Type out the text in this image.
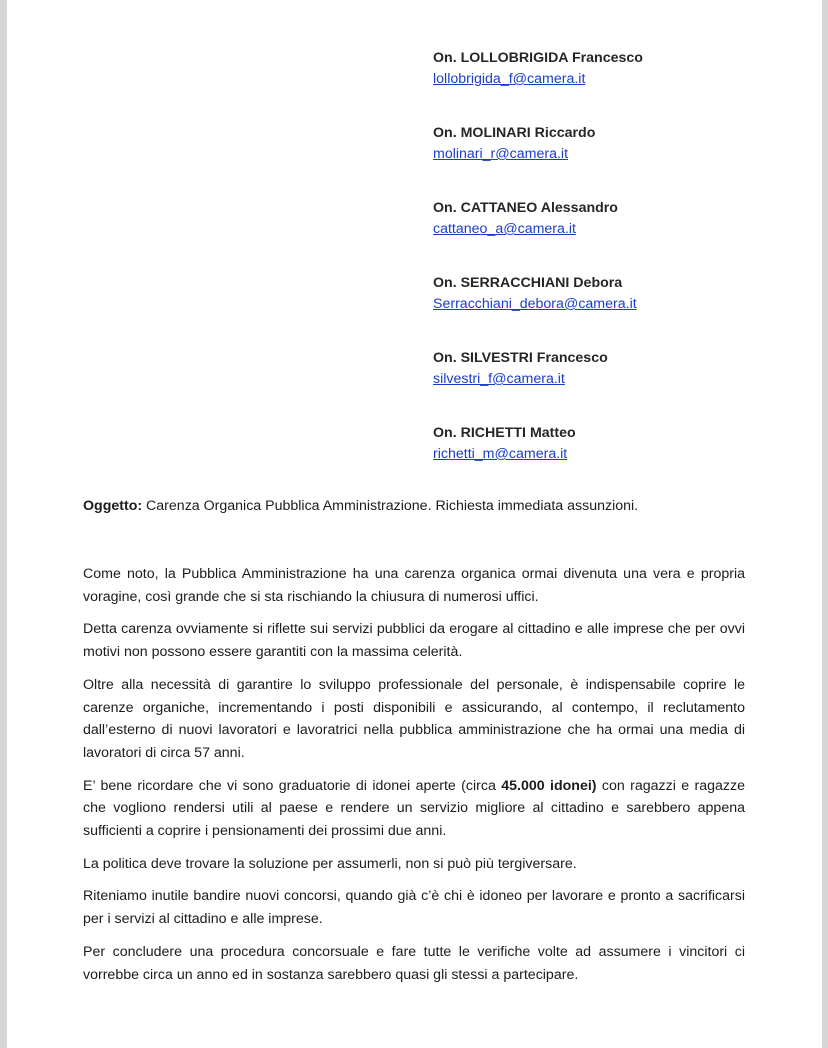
On. LOLLOBRIGIDA Francesco
lollobrigida_f@camera.it
On. MOLINARI Riccardo
molinari_r@camera.it
On. CATTANEO Alessandro
cattaneo_a@camera.it
On. SERRACCHIANI Debora
Serracchiani_debora@camera.it
On. SILVESTRI Francesco
silvestri_f@camera.it
On. RICHETTI Matteo
richetti_m@camera.it
Oggetto: Carenza Organica Pubblica Amministrazione. Richiesta immediata assunzioni.

Come noto, la Pubblica Amministrazione ha una carenza organica ormai divenuta una vera e propria voragine, così grande che si sta rischiando la chiusura di numerosi uffici.

Detta carenza ovviamente si riflette sui servizi pubblici da erogare al cittadino e alle imprese che per ovvi motivi non possono essere garantiti con la massima celerità.

Oltre alla necessità di garantire lo sviluppo professionale del personale, è indispensabile coprire le carenze organiche, incrementando i posti disponibili e assicurando, al contempo, il reclutamento dall’esterno di nuovi lavoratori e lavoratrici nella pubblica amministrazione che ha ormai una media di lavoratori di circa 57 anni.

E’ bene ricordare che vi sono graduatorie di idonei aperte (circa 45.000 idonei) con ragazzi e ragazze che vogliono rendersi utili al paese e rendere un servizio migliore al cittadino e sarebbero appena sufficienti a coprire i pensionamenti dei prossimi due anni.

La politica deve trovare la soluzione per assumerli, non si può più tergiversare.

Riteniamo inutile bandire nuovi concorsi, quando già c’è chi è idoneo per lavorare e pronto a sacrificarsi per i servizi al cittadino e alle imprese.

Per concludere una procedura concorsuale e fare tutte le verifiche volte ad assumere i vincitori ci vorrebbe circa un anno ed in sostanza sarebbero quasi gli stessi a partecipare.
